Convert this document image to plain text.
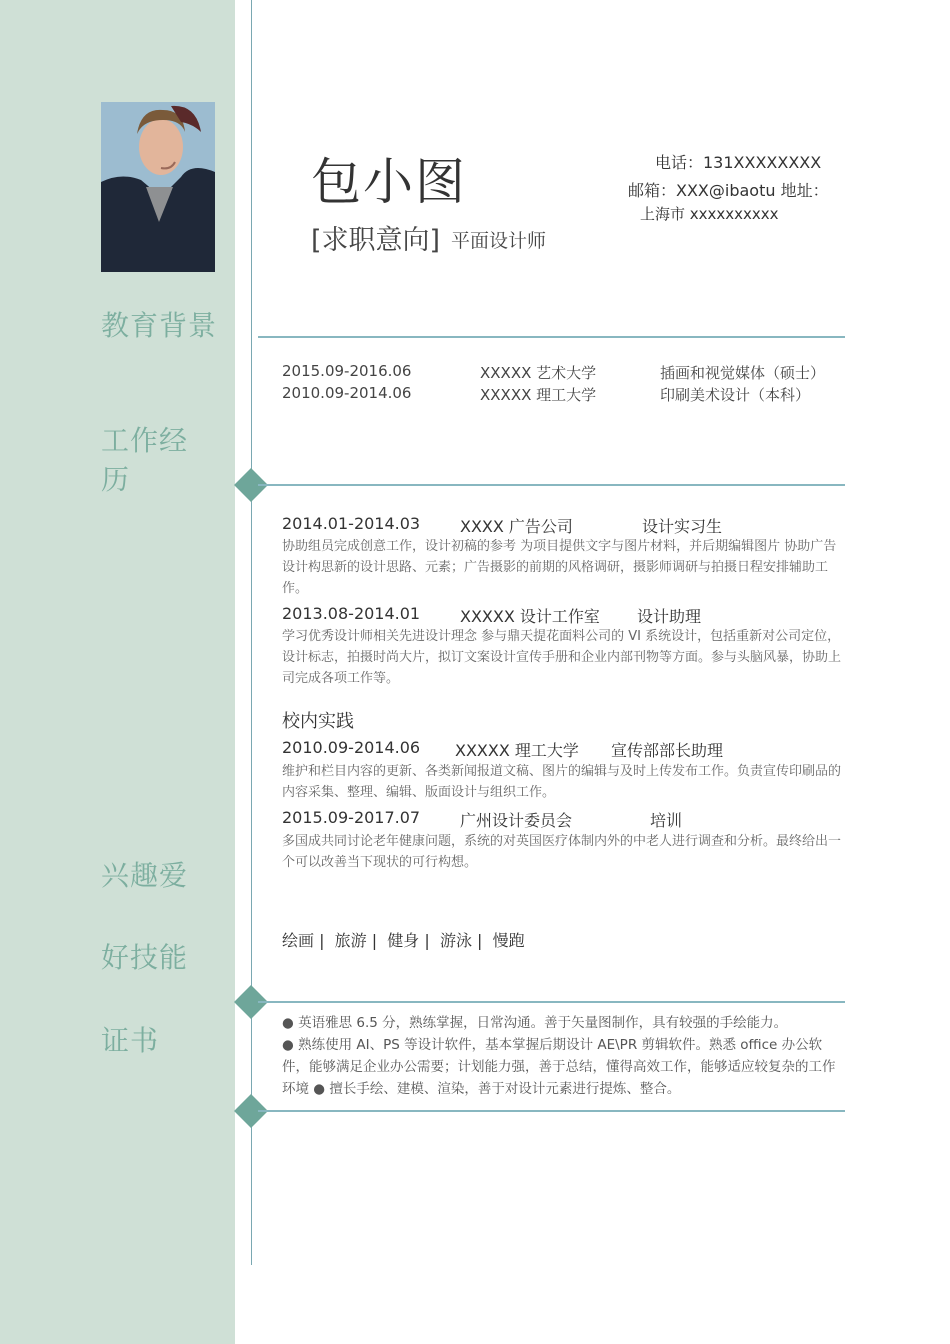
教育背景
工作经
历
兴趣爱
好技能
证书
包小图
[求职意向] 平面设计师
电话：131XXXXXXXX
邮箱：XXX@ibaotu 地址：
上海市 xxxxxxxxxx
2015.09-2016.06	XXXXX 艺术大学	插画和视觉媒体（硕士）
2010.09-2014.06	XXXXX 理工大学	印刷美术设计（本科）
2014.01-2014.03 XXXX 广告公司	设计实习生
协助组员完成创意工作，设计初稿的参考 为项目提供文字与图片材料，并后期编辑图片 协助广告设计构思新的设计思路、元素；广告摄影的前期的风格调研，摄影师调研与拍摄日程安排辅助工作。
2013.08-2014.01 XXXXX 设计工作室 设计助理
学习优秀设计师相关先进设计理念 参与鼎天提花面料公司的 VI 系统设计，包括重新对公司定位，设计标志，拍摄时尚大片，拟订文案设计宣传手册和企业内部刊物等方面。参与头脑风暴，协助上司完成各项工作等。
校内实践
2010.09-2014.06 XXXXX 理工大学 宣传部部长助理
维护和栏目内容的更新、各类新闻报道文稿、图片的编辑与及时上传发布工作。负责宣传印刷品的内容采集、整理、编辑、版面设计与组织工作。
2015.09-2017.07 广州设计委员会	培训
多国成共同讨论老年健康问题，系统的对英国医疗体制内外的中老人进行调查和分析。最终给出一个可以改善当下现状的可行构想。
绘画 |  旅游 |  健身 |  游泳 |  慢跑
● 英语雅思 6.5 分，熟练掌握，日常沟通。善于矢量图制作，具有较强的手绘能力。
● 熟练使用 AI、PS 等设计软件，基本掌握后期设计 AE\PR 剪辑软件。熟悉 office 办公软件，能够满足企业办公需要；计划能力强，善于总结，懂得高效工作，能够适应较复杂的工作环境 ● 擅长手绘、建模、渲染，善于对设计元素进行提炼、整合。
